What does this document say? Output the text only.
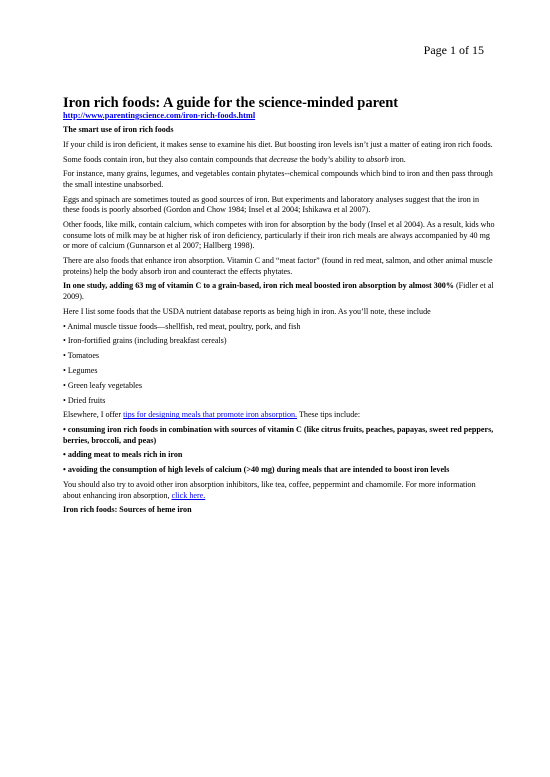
Page 1 of 15
Iron rich foods: A guide for the science-minded parent
http://www.parentingscience.com/iron-rich-foods.html

The smart use of iron rich foods

If your child is iron deficient, it makes sense to examine his diet. But boosting iron levels isn’t just a matter of eating iron rich foods.

Some foods contain iron, but they also contain compounds that decrease the body’s ability to absorb iron.

For instance, many grains, legumes, and vegetables contain phytates--chemical compounds which bind to iron and then pass through the small intestine unabsorbed.

Eggs and spinach are sometimes touted as good sources of iron. But experiments and laboratory analyses suggest that the iron in these foods is poorly absorbed (Gordon and Chow 1984; Insel et al 2004; Ishikawa et al 2007).

Other foods, like milk, contain calcium, which competes with iron for absorption by the body (Insel et al 2004). As a result, kids who consume lots of milk may be at higher risk of iron deficiency, particularly if their iron rich meals are always accompanied by 40 mg or more of calcium (Gunnarson et al 2007; Hallberg 1998).

There are also foods that enhance iron absorption. Vitamin C and “meat factor” (found in red meat, salmon, and other animal muscle proteins) help the body absorb iron and counteract the effects phytates.

In one study, adding 63 mg of vitamin C to a grain-based, iron rich meal boosted iron absorption by almost 300% (Fidler et al 2009).

Here I list some foods that the USDA nutrient database reports as being high in iron. As you’ll note, these include

• Animal muscle tissue foods—shellfish, red meat, poultry, pork, and fish

• Iron-fortified grains (including breakfast cereals)

• Tomatoes

• Legumes

• Green leafy vegetables

• Dried fruits

Elsewhere, I offer tips for designing meals that promote iron absorption. These tips include:

• consuming iron rich foods in combination with sources of vitamin C (like citrus fruits, peaches, papayas, sweet red peppers, berries, broccoli, and peas)

• adding meat to meals rich in iron

• avoiding the consumption of high levels of calcium (>40 mg) during meals that are intended to boost iron levels

You should also try to avoid other iron absorption inhibitors, like tea, coffee, peppermint and chamomile. For more information about enhancing iron absorption, click here.

Iron rich foods: Sources of heme iron
